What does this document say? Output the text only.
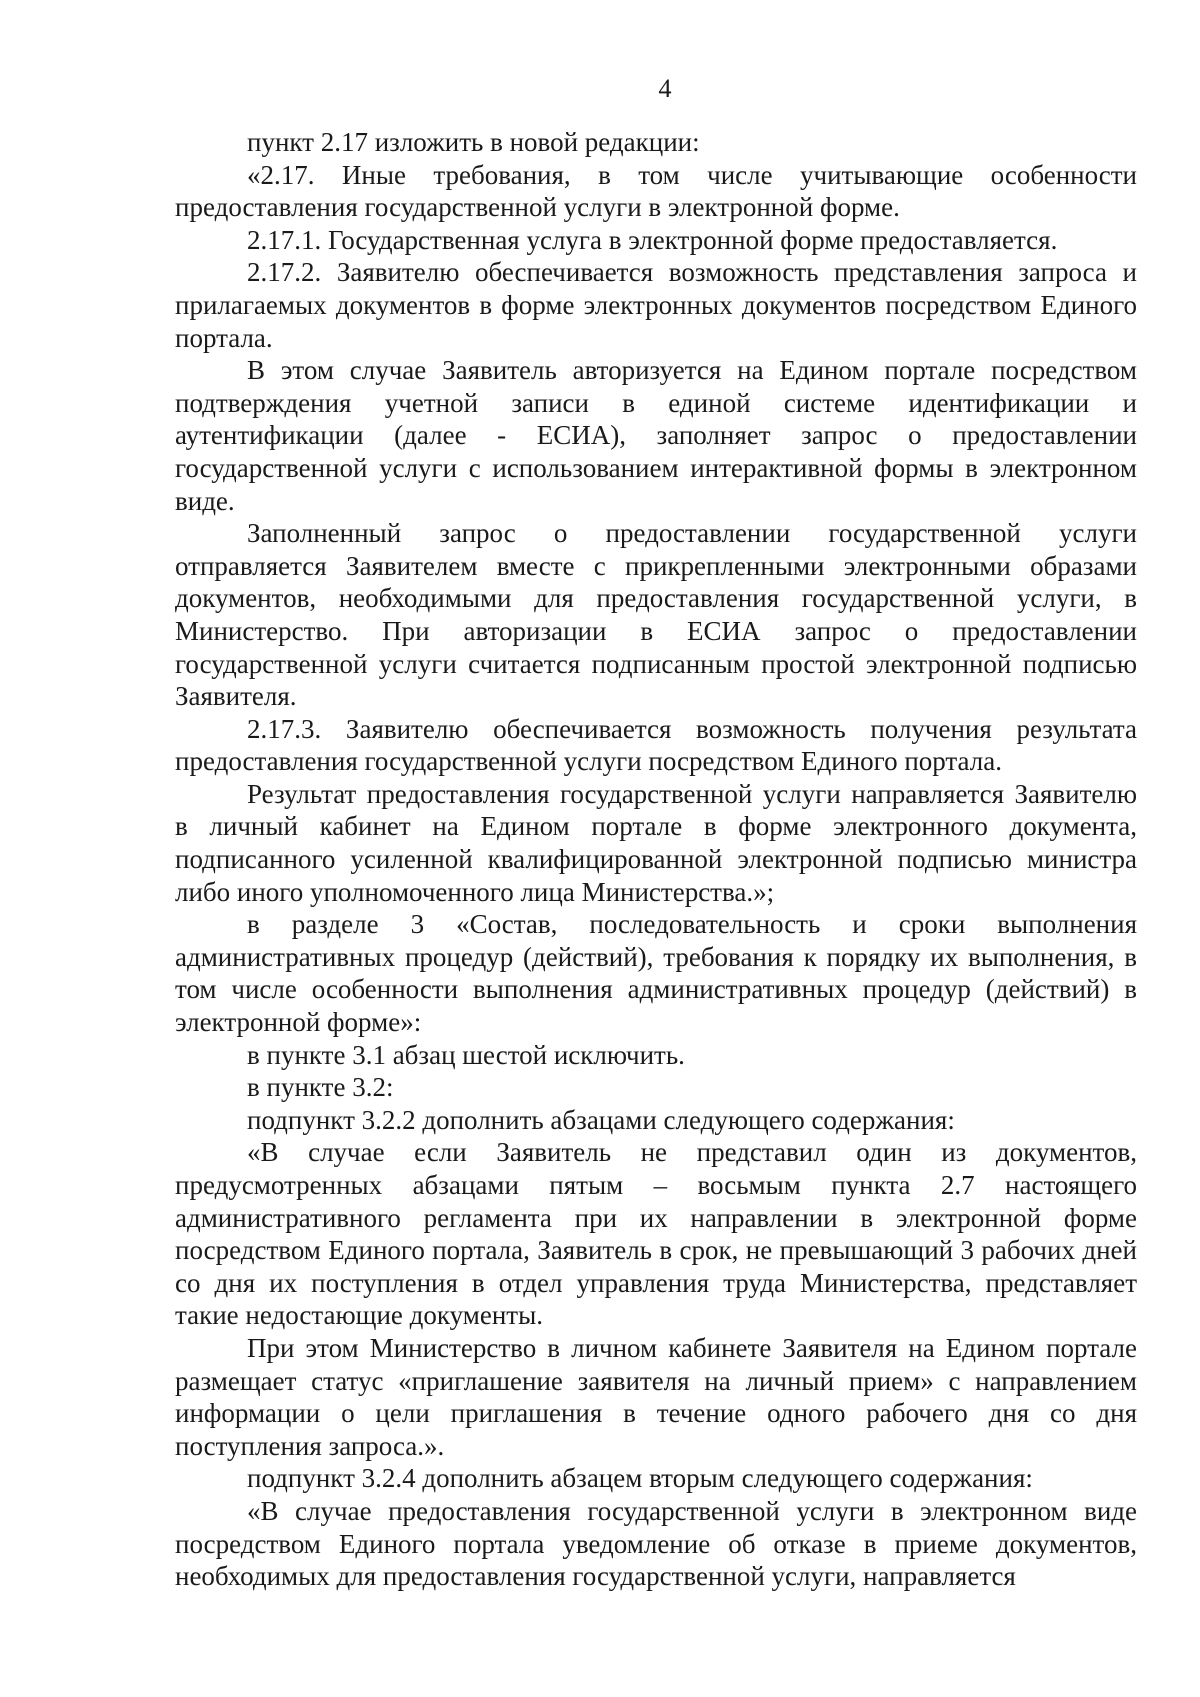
4

пункт 2.17 изложить в новой редакции:

«2.17. Иные требования, в том числе учитывающие особенности предоставления государственной услуги в электронной форме.

2.17.1. Государственная услуга в электронной форме предоставляется.

2.17.2. Заявителю обеспечивается возможность представления запроса и прилагаемых документов в форме электронных документов посредством Единого портала.

В этом случае Заявитель авторизуется на Едином портале посредством подтверждения учетной записи в единой системе идентификации и аутентификации (далее - ЕСИА), заполняет запрос о предоставлении государственной услуги с использованием интерактивной формы в электронном виде.

Заполненный запрос о предоставлении государственной услуги отправляется Заявителем вместе с прикрепленными электронными образами документов, необходимыми для предоставления государственной услуги, в Министерство. При авторизации в ЕСИА запрос о предоставлении государственной услуги считается подписанным простой электронной подписью Заявителя.

2.17.3. Заявителю обеспечивается возможность получения результата предоставления государственной услуги посредством Единого портала.

Результат предоставления государственной услуги направляется Заявителю в личный кабинет на Едином портале в форме электронного документа, подписанного усиленной квалифицированной электронной подписью министра либо иного уполномоченного лица Министерства.»;

в разделе 3 «Состав, последовательность и сроки выполнения административных процедур (действий), требования к порядку их выполнения, в том числе особенности выполнения административных процедур (действий) в электронной форме»:

в пункте 3.1 абзац шестой исключить.

в пункте 3.2:

подпункт 3.2.2 дополнить абзацами следующего содержания:

«В случае если Заявитель не представил один из документов, предусмотренных абзацами пятым – восьмым пункта 2.7 настоящего административного регламента при их направлении в электронной форме посредством Единого портала, Заявитель в срок, не превышающий 3 рабочих дней со дня их поступления в отдел управления труда Министерства, представляет такие недостающие документы.

При этом Министерство в личном кабинете Заявителя на Едином портале размещает статус «приглашение заявителя на личный прием» с направлением информации о цели приглашения в течение одного рабочего дня со дня поступления запроса.».

подпункт 3.2.4 дополнить абзацем вторым следующего содержания:

«В случае предоставления государственной услуги в электронном виде посредством Единого портала уведомление об отказе в приеме документов, необходимых для предоставления государственной услуги, направляется
